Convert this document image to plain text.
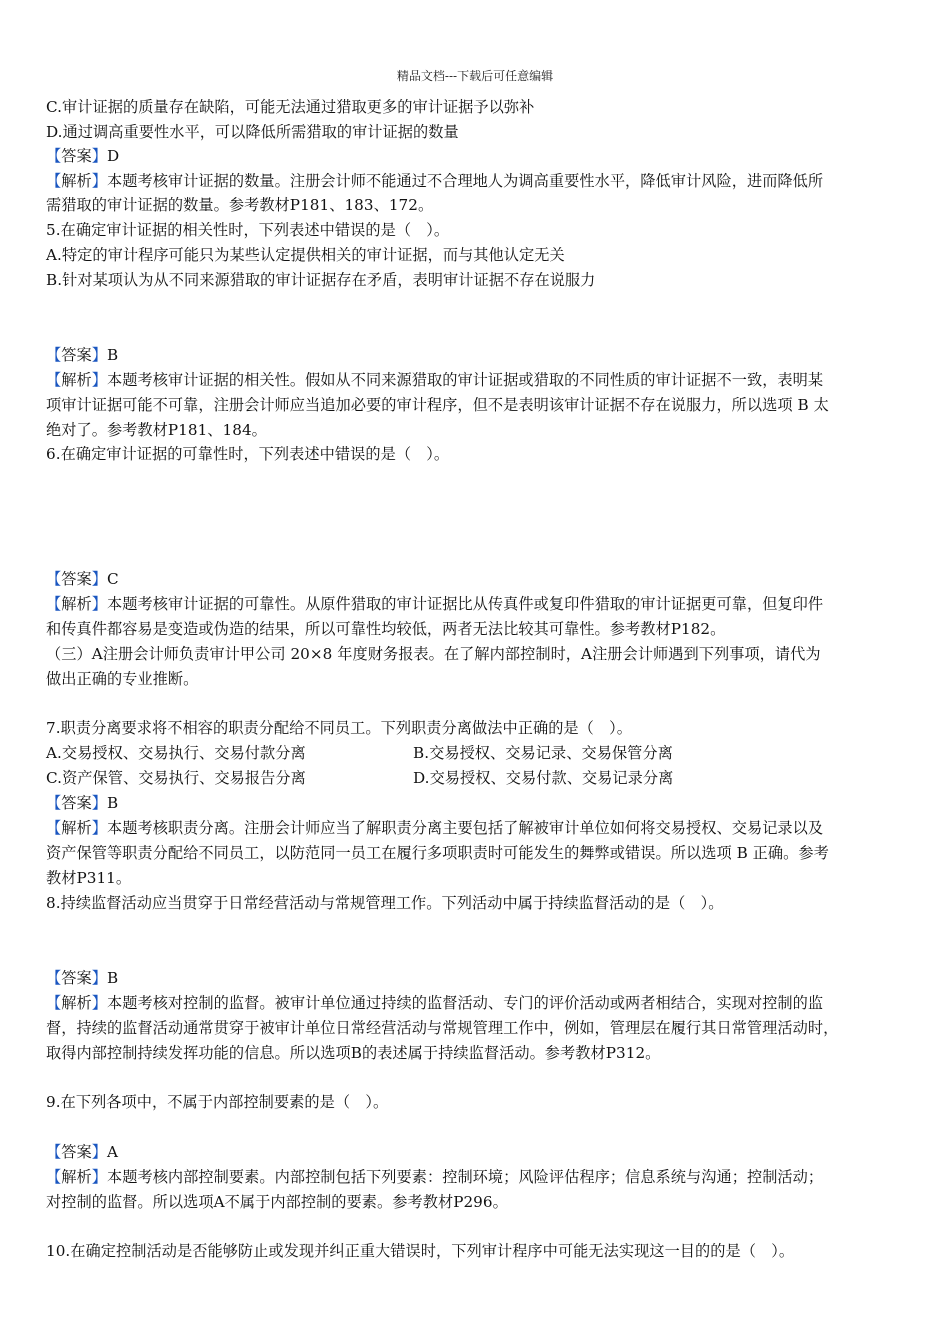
精品文档---下载后可任意编辑
C.审计证据的质量存在缺陷，可能无法通过猎取更多的审计证据予以弥补
D.通过调高重要性水平，可以降低所需猎取的审计证据的数量
【答案】D
【解析】本题考核审计证据的数量。注册会计师不能通过不合理地人为调高重要性水平，降低审计风险，进而降低所
需猎取的审计证据的数量。参考教材P181、183、172。
5.在确定审计证据的相关性时，下列表述中错误的是（　）。
A.特定的审计程序可能只为某些认定提供相关的审计证据，而与其他认定无关
B.针对某项认为从不同来源猎取的审计证据存在矛盾，表明审计证据不存在说服力
【答案】B
【解析】本题考核审计证据的相关性。假如从不同来源猎取的审计证据或猎取的不同性质的审计证据不一致，表明某
项审计证据可能不可靠，注册会计师应当追加必要的审计程序，但不是表明该审计证据不存在说服力，所以选项 B 太
绝对了。参考教材P181、184。
6.在确定审计证据的可靠性时，下列表述中错误的是（　）。
【答案】C
【解析】本题考核审计证据的可靠性。从原件猎取的审计证据比从传真件或复印件猎取的审计证据更可靠，但复印件
和传真件都容易是变造或伪造的结果，所以可靠性均较低，两者无法比较其可靠性。参考教材P182。
（三）A注册会计师负责审计甲公司 20×8 年度财务报表。在了解内部控制时，A注册会计师遇到下列事项，请代为
做出正确的专业推断。
7.职责分离要求将不相容的职责分配给不同员工。下列职责分离做法中正确的是（　）。
A.交易授权、交易执行、交易付款分离	B.交易授权、交易记录、交易保管分离
C.资产保管、交易执行、交易报告分离	D.交易授权、交易付款、交易记录分离
【答案】B
【解析】本题考核职责分离。注册会计师应当了解职责分离主要包括了解被审计单位如何将交易授权、交易记录以及
资产保管等职责分配给不同员工，以防范同一员工在履行多项职责时可能发生的舞弊或错误。所以选项 B 正确。参考
教材P311。
8.持续监督活动应当贯穿于日常经营活动与常规管理工作。下列活动中属于持续监督活动的是（　）。
【答案】B
【解析】本题考核对控制的监督。被审计单位通过持续的监督活动、专门的评价活动或两者相结合，实现对控制的监
督，持续的监督活动通常贯穿于被审计单位日常经营活动与常规管理工作中，例如，管理层在履行其日常管理活动时，
取得内部控制持续发挥功能的信息。所以选项B的表述属于持续监督活动。参考教材P312。
9.在下列各项中，不属于内部控制要素的是（　）。
【答案】A
【解析】本题考核内部控制要素。内部控制包括下列要素：控制环境；风险评估程序；信息系统与沟通；控制活动；
对控制的监督。所以选项A不属于内部控制的要素。参考教材P296。
10.在确定控制活动是否能够防止或发现并纠正重大错误时，下列审计程序中可能无法实现这一目的的是（　）。
